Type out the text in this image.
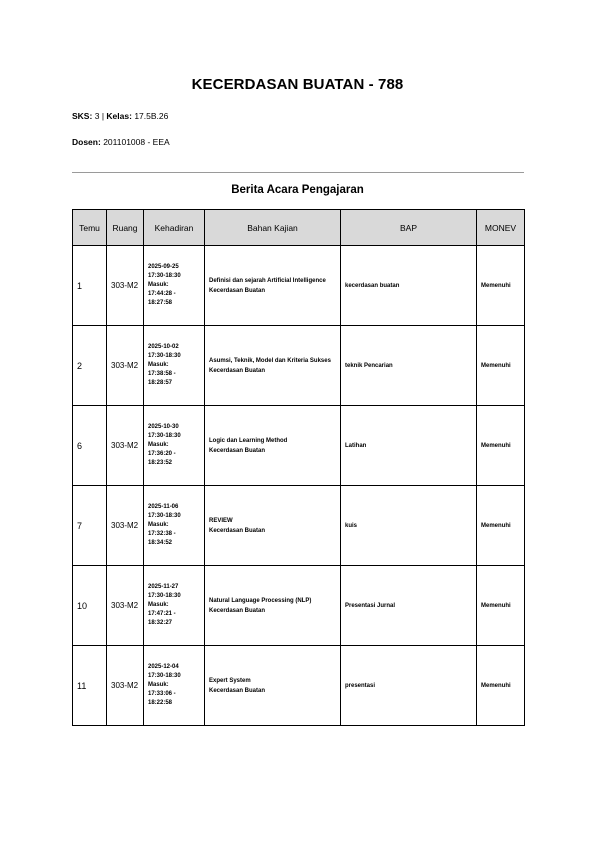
KECERDASAN BUATAN - 788
SKS: 3 | Kelas: 17.5B.26
Dosen: 201101008 - EEA
Berita Acara Pengajaran
Temu	Ruang	Kehadiran	Bahan Kajian	BAP	MONEV
1	303-M2	2025-09-25
17:30-18:30
Masuk:
17:44:28 -
18:27:58	Definisi dan sejarah Artificial Intelligence
Kecerdasan Buatan	kecerdasan buatan	Memenuhi
2	303-M2	2025-10-02
17:30-18:30
Masuk:
17:38:58 -
18:28:57	Asumsi, Teknik, Model dan Kriteria Sukses
Kecerdasan Buatan	teknik Pencarian	Memenuhi
6	303-M2	2025-10-30
17:30-18:30
Masuk:
17:36:20 -
18:23:52	Logic dan Learning Method
Kecerdasan Buatan	Latihan	Memenuhi
7	303-M2	2025-11-06
17:30-18:30
Masuk:
17:32:38 -
18:34:52	REVIEW
Kecerdasan Buatan	kuis	Memenuhi
10	303-M2	2025-11-27
17:30-18:30
Masuk:
17:47:21 -
18:32:27	Natural Language Processing (NLP)
Kecerdasan Buatan	Presentasi Jurnal	Memenuhi
11	303-M2	2025-12-04
17:30-18:30
Masuk:
17:33:06 -
18:22:58	Expert System
Kecerdasan Buatan	presentasi	Memenuhi
